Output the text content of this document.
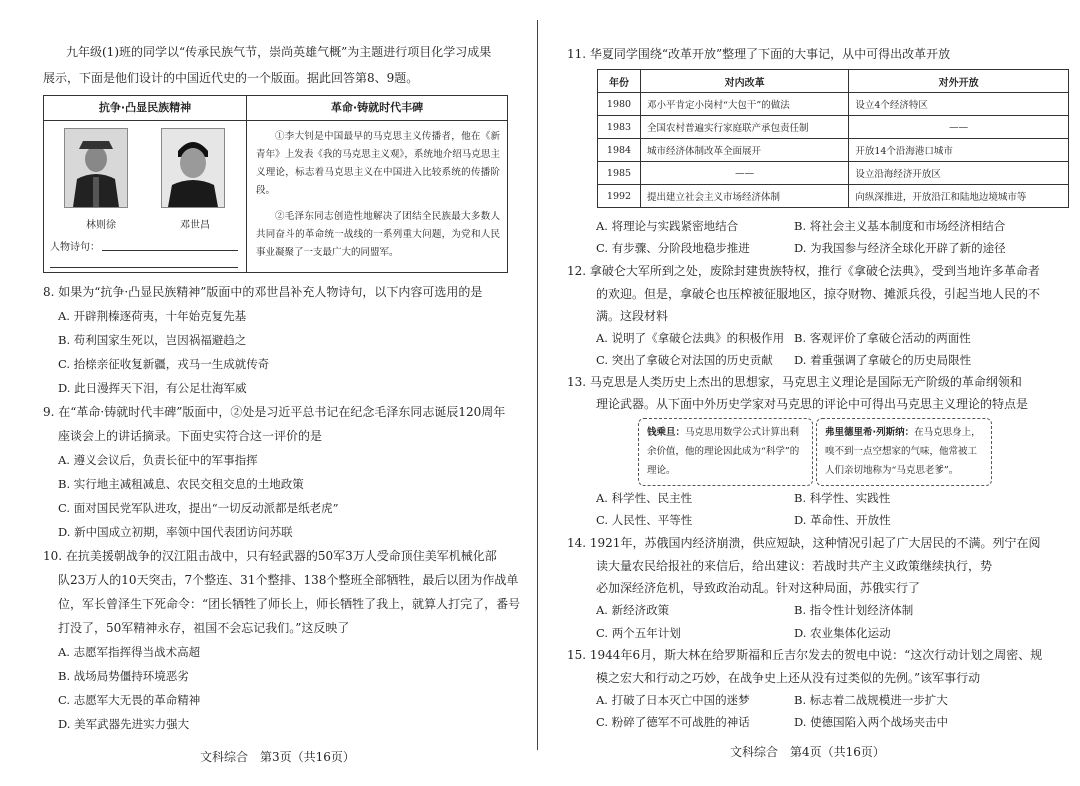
九年级(1)班的同学以“传承民族气节，崇尚英雄气概”为主题进行项目化学习成果
展示，下面是他们设计的中国近代史的一个版面。据此回答第8、9题。
抗争·凸显民族精神	革命·铸就时代丰碑
林则徐	邓世昌
人物诗句：
①李大钊是中国最早的马克思主义传播者，他在《新青年》上发表《我的马克思主义观》，系统地介绍马克思主义理论，标志着马克思主义在中国进入比较系统的传播阶段。
②毛泽东同志创造性地解决了团结全民族最大多数人共同奋斗的革命统一战线的一系列重大问题，为党和人民事业凝聚了一支最广大的同盟军。
8. 如果为“抗争·凸显民族精神”版面中的邓世昌补充人物诗句，以下内容可选用的是
A. 开辟荆榛逐荷夷，十年始克复先基
B. 苟利国家生死以，岂因祸福避趋之
C. 抬榇亲征收复新疆，戎马一生成就传奇
D. 此日漫挥天下泪，有公足壮海军威
9. 在“革命·铸就时代丰碑”版面中，②处是习近平总书记在纪念毛泽东同志诞辰120周年
座谈会上的讲话摘录。下面史实符合这一评价的是
A. 遵义会议后，负责长征中的军事指挥
B. 实行地主减租减息、农民交租交息的土地政策
C. 面对国民党军队进攻，提出“一切反动派都是纸老虎”
D. 新中国成立初期，率领中国代表团访问苏联
10. 在抗美援朝战争的汉江阻击战中，只有轻武器的50军3万人受命顶住美军机械化部
队23万人的10天突击，7个整连、31个整排、138个整班全部牺牲，最后以团为作战单
位，军长曾泽生下死命令：“团长牺牲了师长上，师长牺牲了我上，就算人打完了，番号
打没了，50军精神永存，祖国不会忘记我们。”这反映了
A. 志愿军指挥得当战术高超
B. 战场局势僵持环境恶劣
C. 志愿军大无畏的革命精神
D. 美军武器先进实力强大
文科综合　第3页（共16页）
11. 华夏同学围绕“改革开放”整理了下面的大事记，从中可得出改革开放
年份	对内改革	对外开放
1980	邓小平肯定小岗村“大包干”的做法	设立4个经济特区
1983	全国农村普遍实行家庭联产承包责任制	——
1984	城市经济体制改革全面展开	开放14个沿海港口城市
1985	——	设立沿海经济开放区
1992	提出建立社会主义市场经济体制	向纵深推进，开放沿江和陆地边境城市等
A. 将理论与实践紧密地结合	B. 将社会主义基本制度和市场经济相结合
C. 有步骤、分阶段地稳步推进	D. 为我国参与经济全球化开辟了新的途径
12. 拿破仑大军所到之处，废除封建贵族特权，推行《拿破仑法典》，受到当地许多革命者
的欢迎。但是，拿破仑也压榨被征服地区，掠夺财物、摊派兵役，引起当地人民的不
满。这段材料
A. 说明了《拿破仑法典》的积极作用 B. 客观评价了拿破仑活动的两面性
C. 突出了拿破仑对法国的历史贡献 D. 着重强调了拿破仑的历史局限性
13. 马克思是人类历史上杰出的思想家，马克思主义理论是国际无产阶级的革命纲领和
理论武器。从下面中外历史学家对马克思的评论中可得出马克思主义理论的特点是
钱乘旦：马克思用数学公式计算出剩余价值，他的理论因此成为“科学”的理论。
弗里德里希·列斯纳：在马克思身上，嗅不到一点空想家的气味，他常被工人们亲切地称为“马克思老爹”。
A. 科学性、民主性	B. 科学性、实践性
C. 人民性、平等性	D. 革命性、开放性
14. 1921年，苏俄国内经济崩溃，供应短缺，这种情况引起了广大居民的不满。列宁在阅
读大量农民给报社的来信后，给出建议：若战时共产主义政策继续执行，势
必加深经济危机，导致政治动乱。针对这种局面，苏俄实行了
A. 新经济政策	B. 指令性计划经济体制
C. 两个五年计划	D. 农业集体化运动
15. 1944年6月，斯大林在给罗斯福和丘吉尔发去的贺电中说：“这次行动计划之周密、规
模之宏大和行动之巧妙，在战争史上还从没有过类似的先例。”该军事行动
A. 打破了日本灭亡中国的迷梦	B. 标志着二战规模进一步扩大
C. 粉碎了德军不可战胜的神话	D. 使德国陷入两个战场夹击中
文科综合　第4页（共16页）
